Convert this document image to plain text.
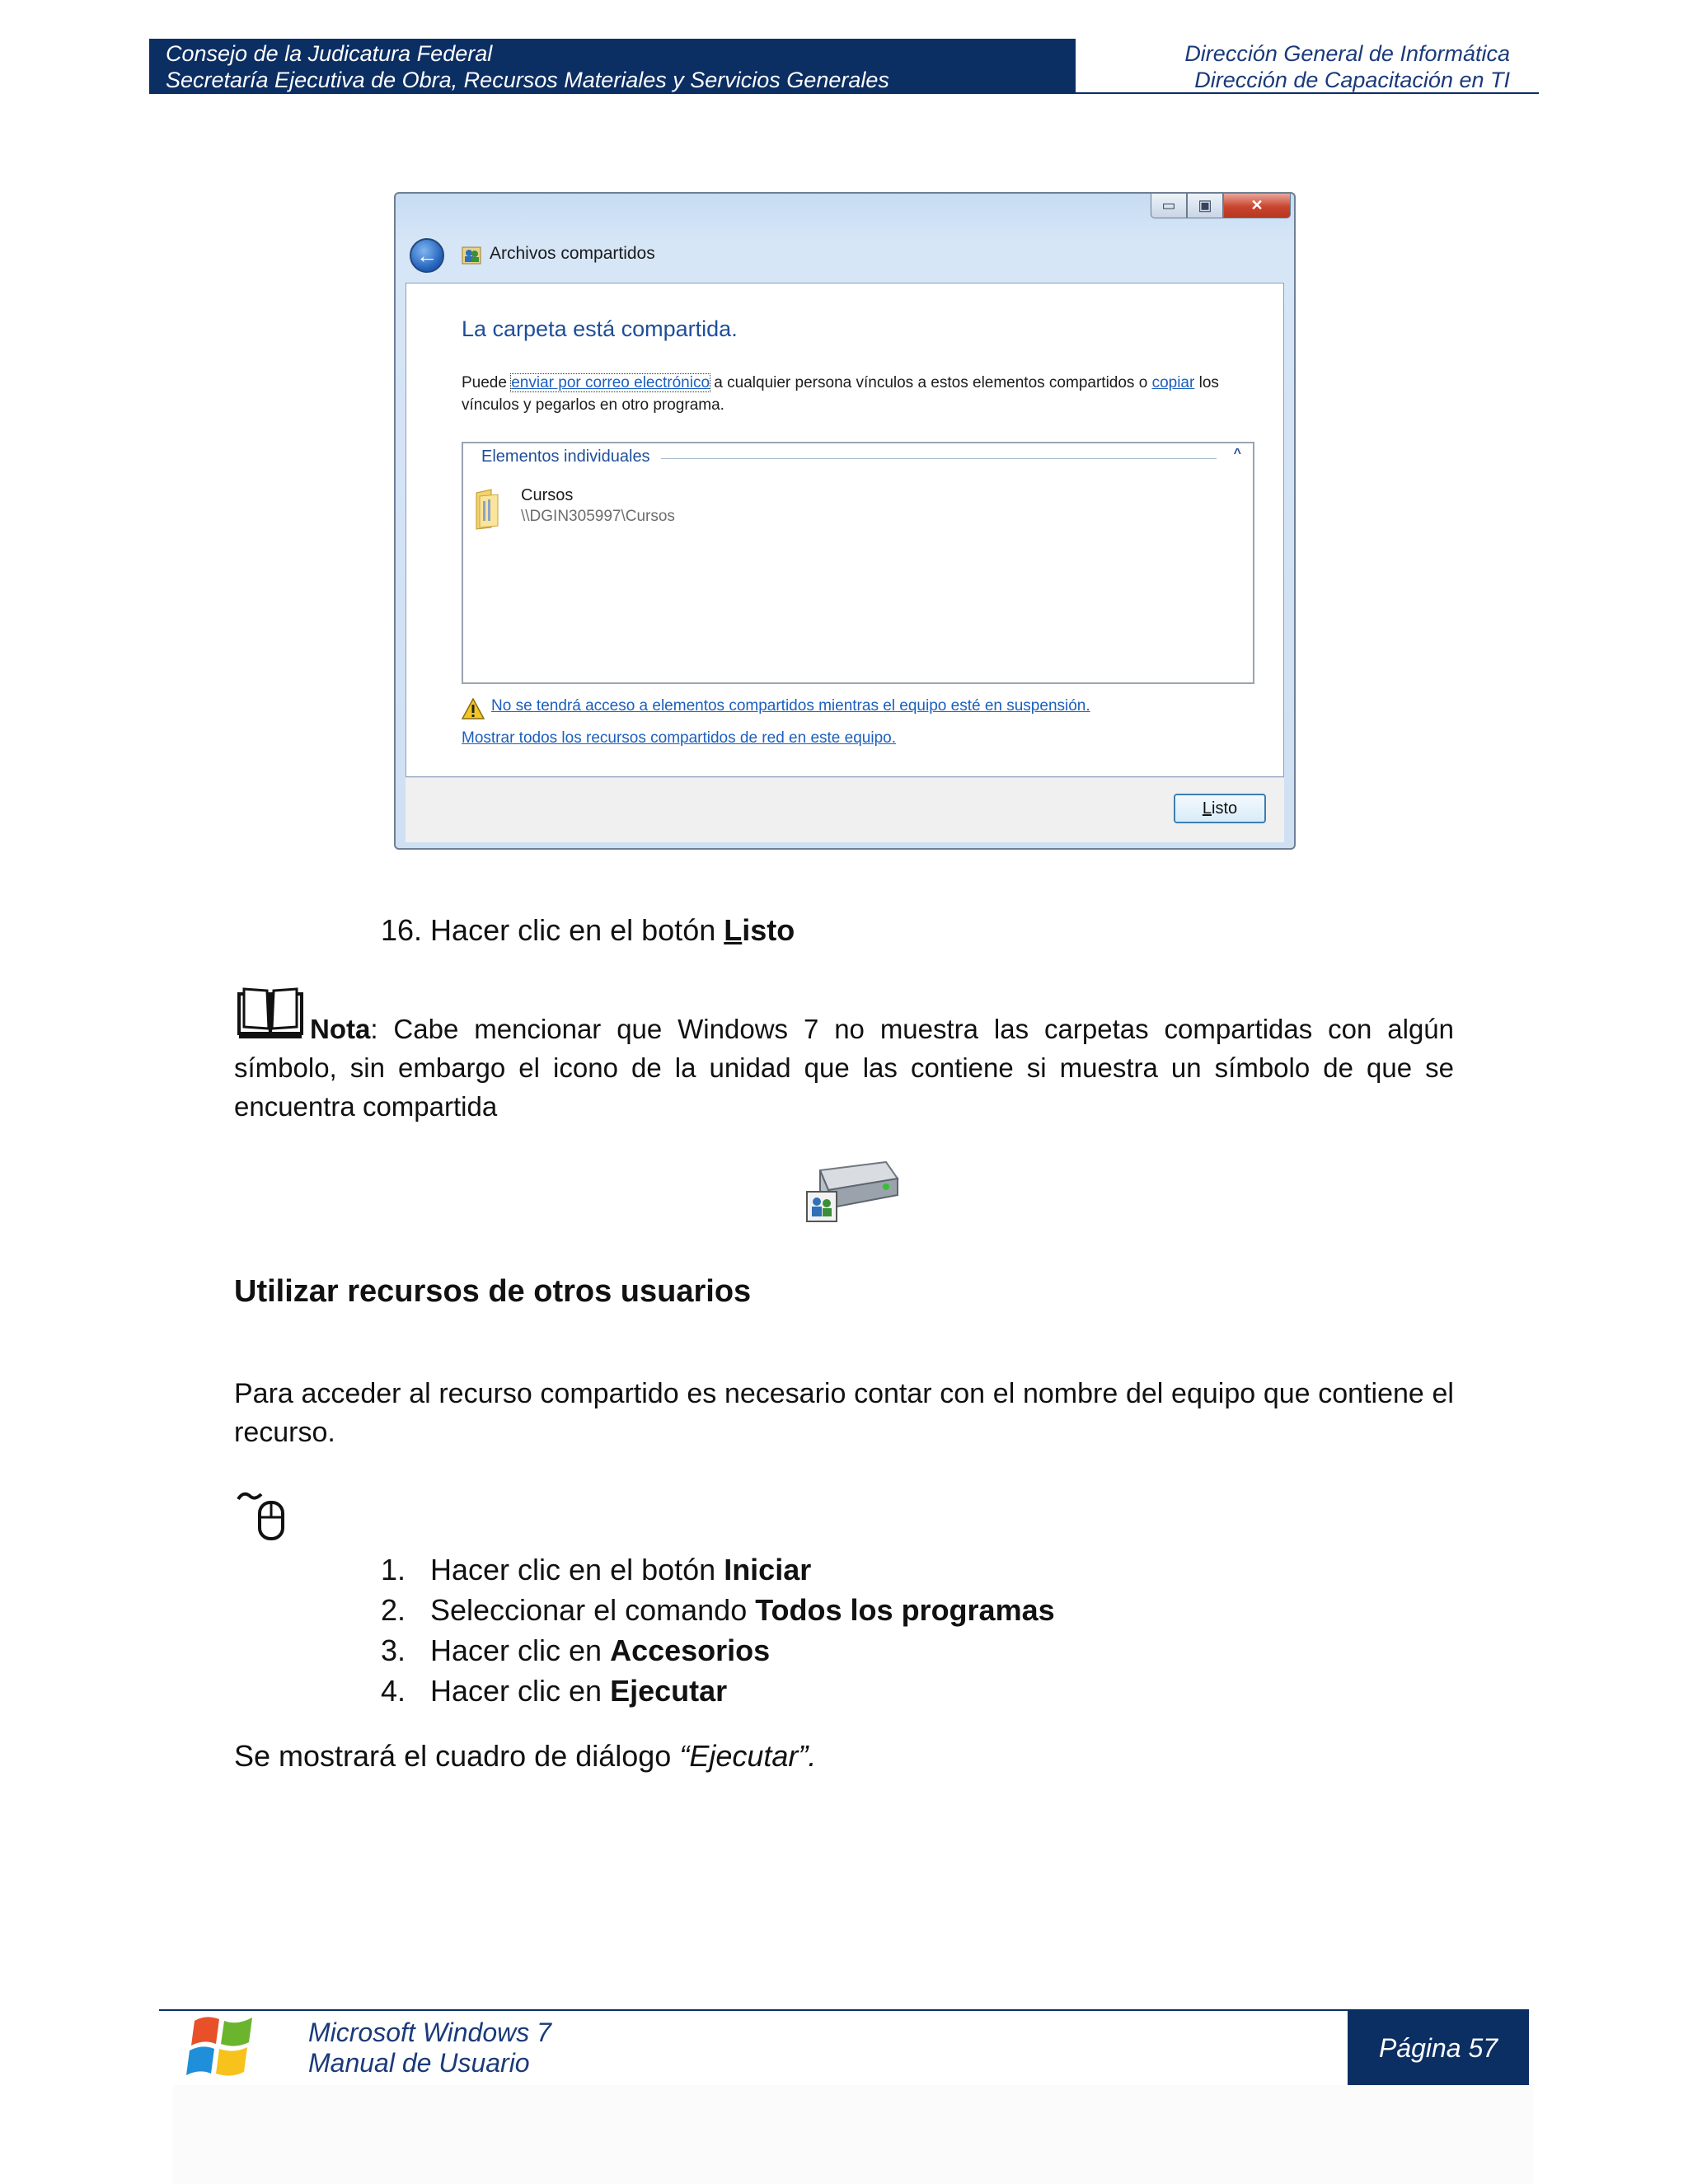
Consejo de la Judicatura Federal
Secretaría Ejecutiva de Obra, Recursos Materiales y Servicios Generales
Dirección General de Informática
Dirección de Capacitación en TI
▭	▣	✕
←	Archivos compartidos
La carpeta está compartida.
Puede enviar por correo electrónico a cualquier persona vínculos a estos elementos compartidos o copiar los vínculos y pegarlos en otro programa.
Elementos individuales	^
Cursos
\\DGIN305997\Cursos
No se tendrá acceso a elementos compartidos mientras el equipo esté en suspensión.
Mostrar todos los recursos compartidos de red en este equipo.
L isto
16. Hacer clic en el botón Listo
Nota: Cabe mencionar que Windows 7 no muestra las carpetas compartidas con algún símbolo, sin embargo el icono de la unidad que las contiene si muestra un símbolo de que se encuentra compartida
Utilizar recursos de otros usuarios
Para acceder al recurso compartido es necesario contar con el nombre del equipo que contiene el recurso.
1. Hacer clic en el botón Iniciar
2. Seleccionar el comando Todos los programas
3. Hacer clic en Accesorios
4. Hacer clic en Ejecutar
Se mostrará el cuadro de diálogo “Ejecutar”.
Microsoft Windows 7
Manual de Usuario
Página 57
